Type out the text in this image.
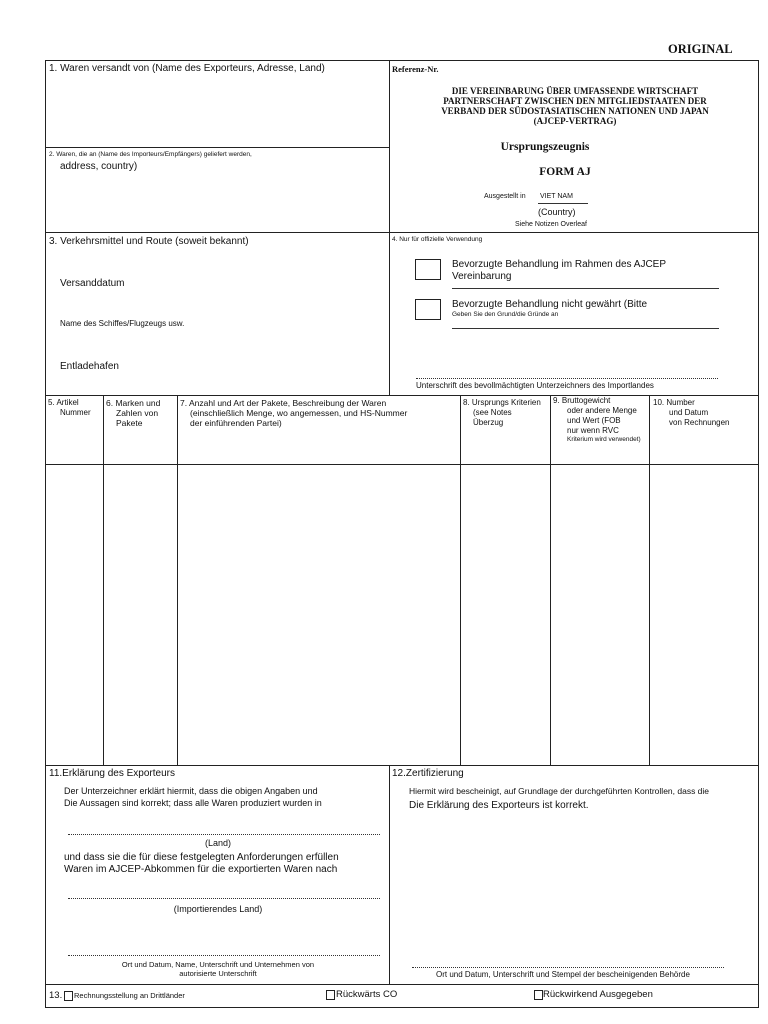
ORIGINAL
1. Waren versandt von (Name des Exporteurs, Adresse, Land)
2. Waren, die an (Name des Importeurs/Empfängers) geliefert werden,
address, country)
Referenz-Nr.
DIE VEREINBARUNG ÜBER UMFASSENDE WIRTSCHAFT
PARTNERSCHAFT ZWISCHEN DEN MITGLIEDSTAATEN DER
VERBAND DER SÜDOSTASIATISCHEN NATIONEN UND JAPAN
(AJCEP-VERTRAG)
Ursprungszeugnis
FORM AJ
Ausgestellt in VIET NAM
(Country)
Siehe Notizen Overleaf
3. Verkehrsmittel und Route (soweit bekannt)
Versanddatum
Name des Schiffes/Flugzeugs usw.
Entladehafen
4. Nur für offizielle Verwendung
Bevorzugte Behandlung im Rahmen des AJCEP
Vereinbarung
Bevorzugte Behandlung nicht gewährt (Bitte
Geben Sie den Grund/die Gründe an
Unterschrift des bevollmächtigten Unterzeichners des Importlandes
5. Artikel
Nummer
6. Marken und
Zahlen von
Pakete
7. Anzahl und Art der Pakete, Beschreibung der Waren
(einschließlich Menge, wo angemessen, und HS-Nummer
der einführenden Partei)
8. Ursprungs Kriterien
(see Notes
Überzug
9. Bruttogewicht
oder andere Menge
und Wert (FOB
nur wenn RVC
Kriterium wird verwendet)
10. Number
und Datum
von Rechnungen
11.Erklärung des Exporteurs
Der Unterzeichner erklärt hiermit, dass die obigen Angaben und
Die Aussagen sind korrekt; dass alle Waren produziert wurden in
(Land)
und dass sie die für diese festgelegten Anforderungen erfüllen
Waren im AJCEP-Abkommen für die exportierten Waren nach
(Importierendes Land)
Ort und Datum, Name, Unterschrift und Unternehmen von
autorisierte Unterschrift
12.Zertifizierung
Hiermit wird bescheinigt, auf Grundlage der durchgeführten Kontrollen, dass die
Die Erklärung des Exporteurs ist korrekt.
Ort und Datum, Unterschrift und Stempel der bescheinigenden Behörde
13. Rechnungsstellung an Drittländer	Rückwärts CO	Rückwirkend Ausgegeben
